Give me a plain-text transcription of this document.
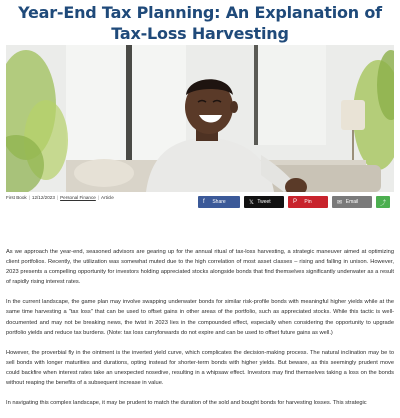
Year-End Tax Planning: An Explanation of Tax-Loss Harvesting
First Book | 12/12/2023 | Personal Finance | Article
f Share	𝕏 Tweet	P Pin	✉ Email	⤴

As we approach the year-end, seasoned advisors are gearing up for the annual ritual of tax-loss harvesting, a strategic maneuver aimed at optimizing client portfolios. Recently, the utilization was somewhat muted due to the high correlation of most asset classes – rising and falling in unison. However, 2023 presents a compelling opportunity for investors holding appreciated stocks alongside bonds that find themselves significantly underwater as a result of rapidly rising interest rates.

In the current landscape, the game plan may involve swapping underwater bonds for similar risk-profile bonds with meaningful higher yields while at the same time harvesting a "tax loss" that can be used to offset gains in other areas of the portfolio, such as appreciated stocks. While this tactic is well-documented and may not be breaking news, the twist in 2023 lies in the compounded effect, especially when considering the opportunity to upgrade portfolio yields and reduce tax burdens. (Note: tax loss carryforwards do not expire and can be used to offset future gains as well.)

However, the proverbial fly in the ointment is the inverted yield curve, which complicates the decision-making process. The natural inclination may be to sell bonds with longer maturities and durations, opting instead for shorter-term bonds with higher yields. But beware, as this seemingly prudent move could backfire when interest rates take an unexpected nosedive, resulting in a whipsaw effect. Investors may find themselves taking a loss on the bonds without reaping the benefits of a subsequent increase in value.

In navigating this complex landscape, it may be prudent to match the duration of the sold and bought bonds for harvesting losses. This strategic
